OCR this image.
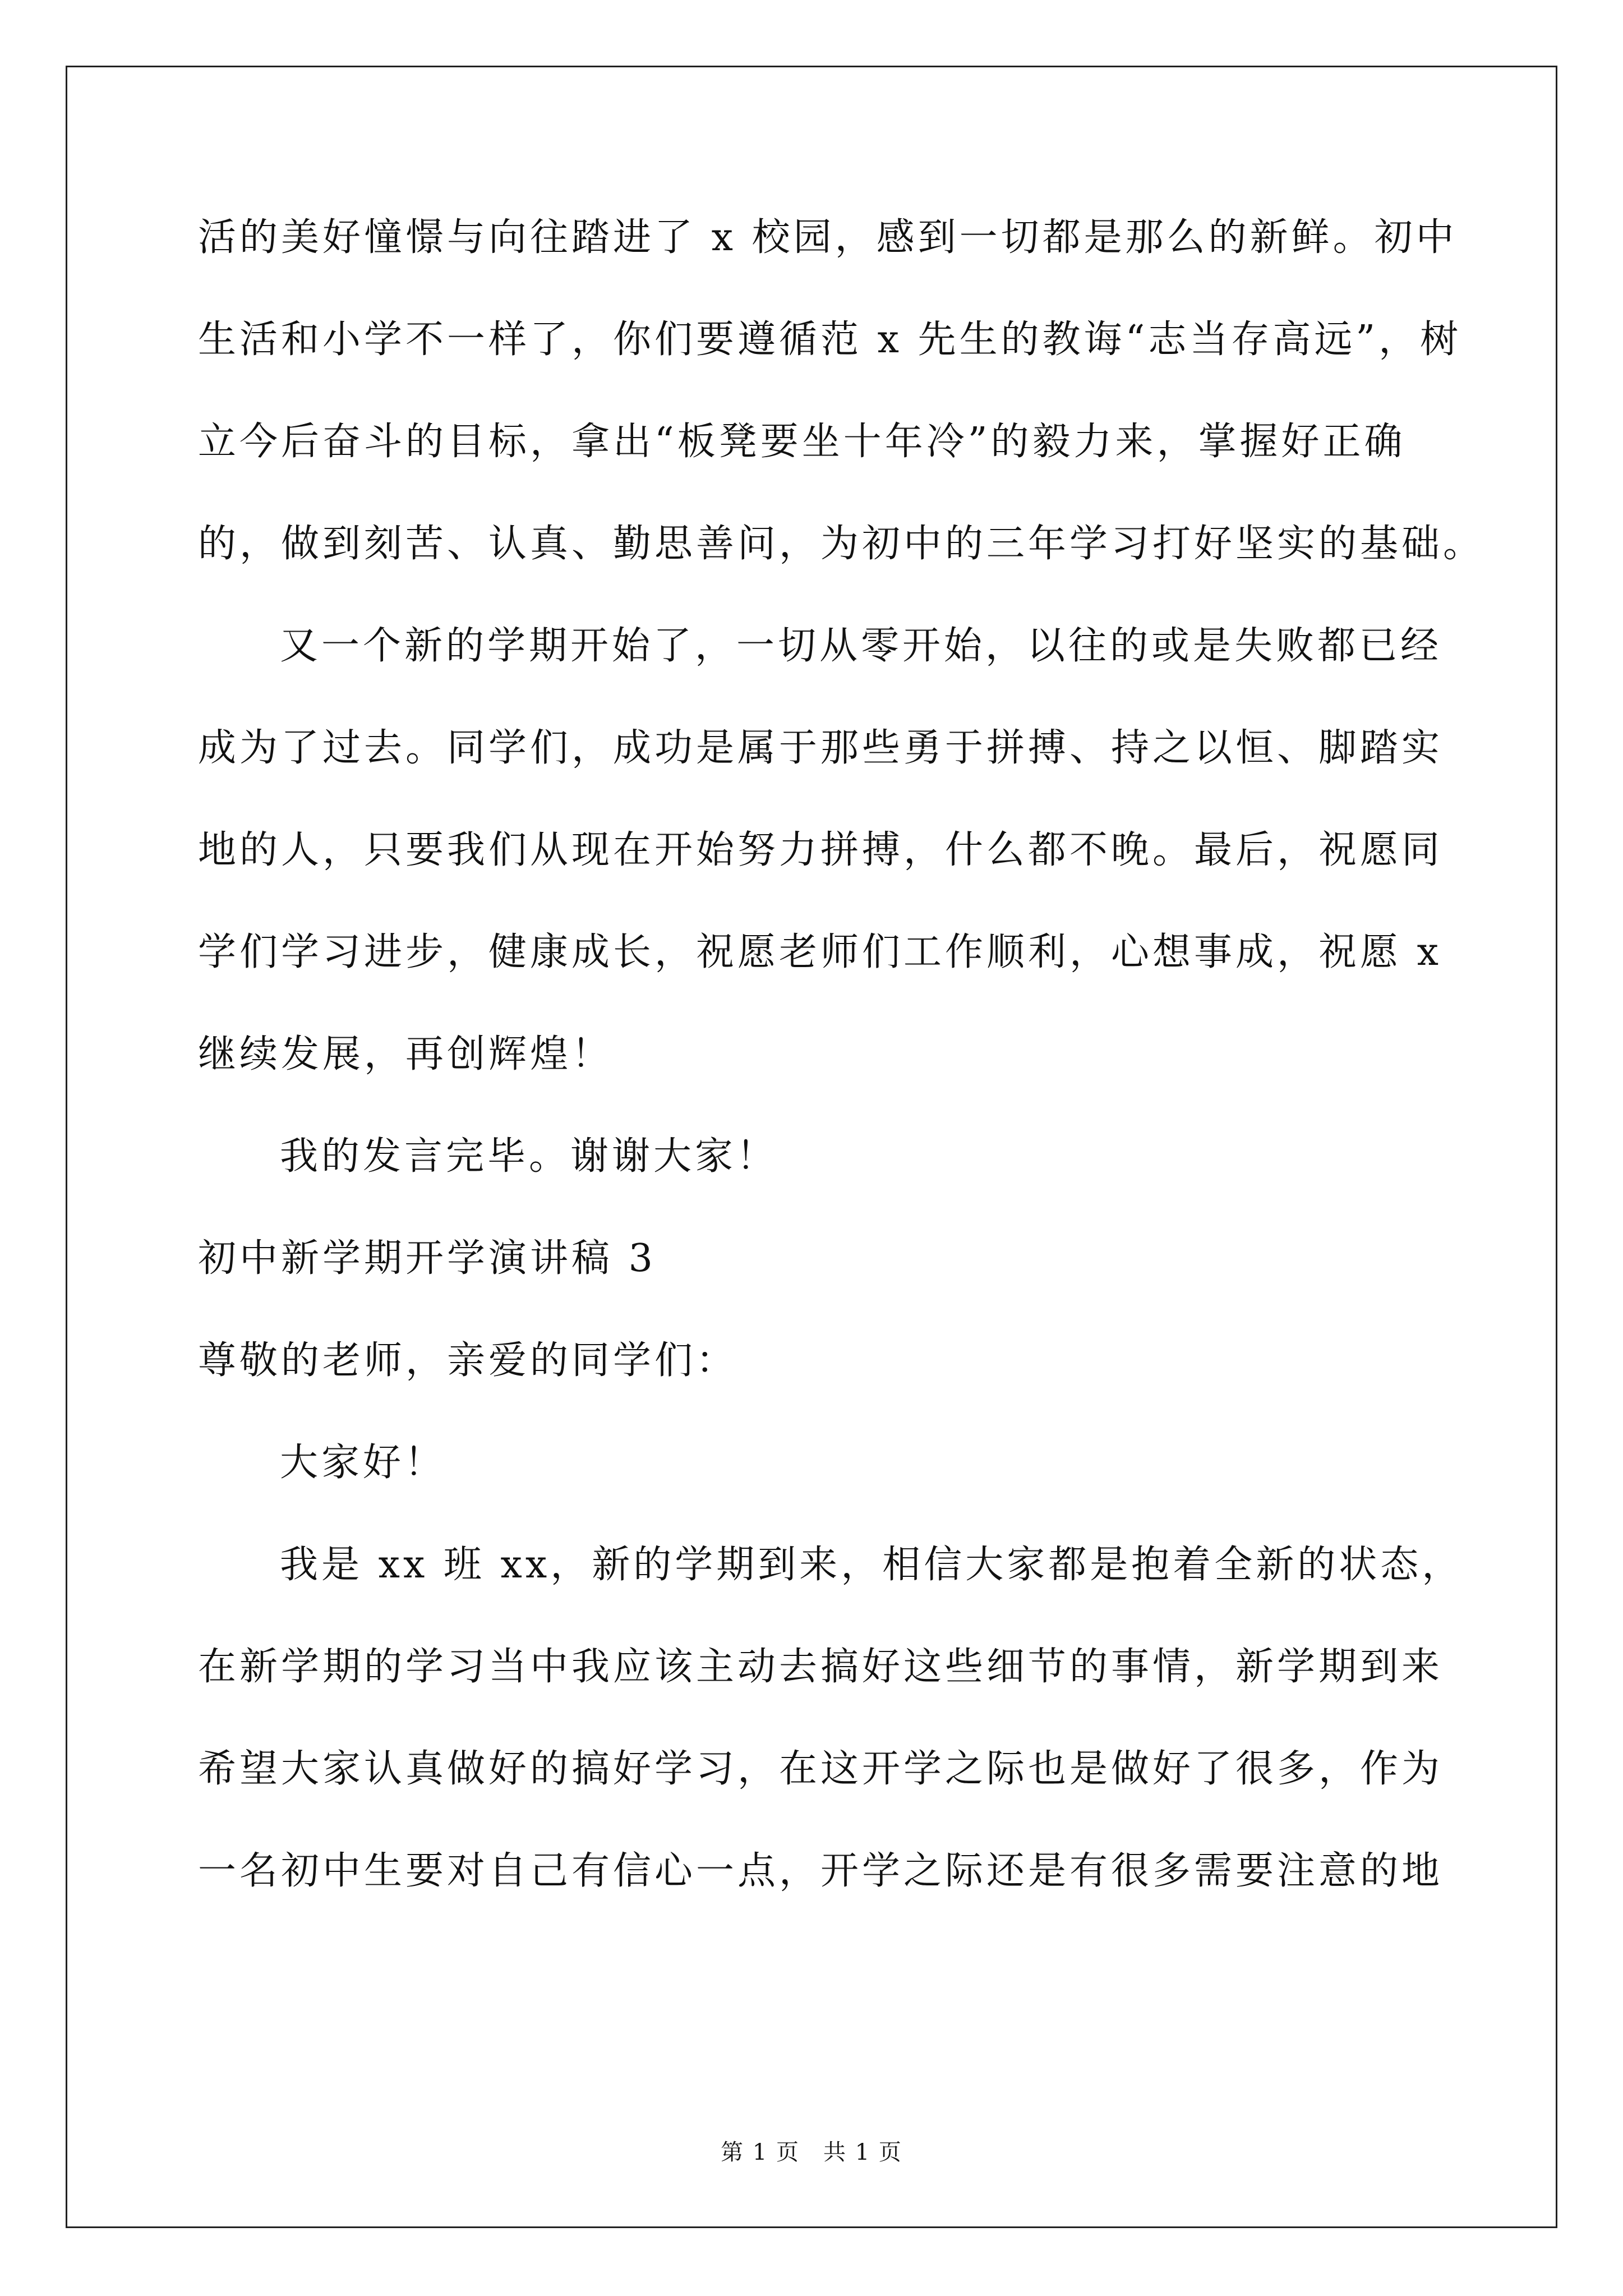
活的美好憧憬与向往踏进了 x 校园，感到一切都是那么的新鲜。初中
生活和小学不一样了，你们要遵循范 x 先生的教诲“志当存高远”，树
立今后奋斗的目标，拿出“板凳要坐十年冷”的毅力来，掌握好正确
的，做到刻苦、认真、勤思善问，为初中的三年学习打好坚实的基础。
又一个新的学期开始了，一切从零开始，以往的或是失败都已经
成为了过去。同学们，成功是属于那些勇于拼搏、持之以恒、脚踏实
地的人，只要我们从现在开始努力拼搏，什么都不晚。最后，祝愿同
学们学习进步，健康成长，祝愿老师们工作顺利，心想事成，祝愿 x
继续发展，再创辉煌！
我的发言完毕。谢谢大家！
初中新学期开学演讲稿 3
尊敬的老师，亲爱的同学们：
大家好！
我是 xx 班 xx，新的学期到来，相信大家都是抱着全新的状态，
在新学期的学习当中我应该主动去搞好这些细节的事情，新学期到来
希望大家认真做好的搞好学习，在这开学之际也是做好了很多，作为
一名初中生要对自己有信心一点，开学之际还是有很多需要注意的地
第 1 页　共 1 页
